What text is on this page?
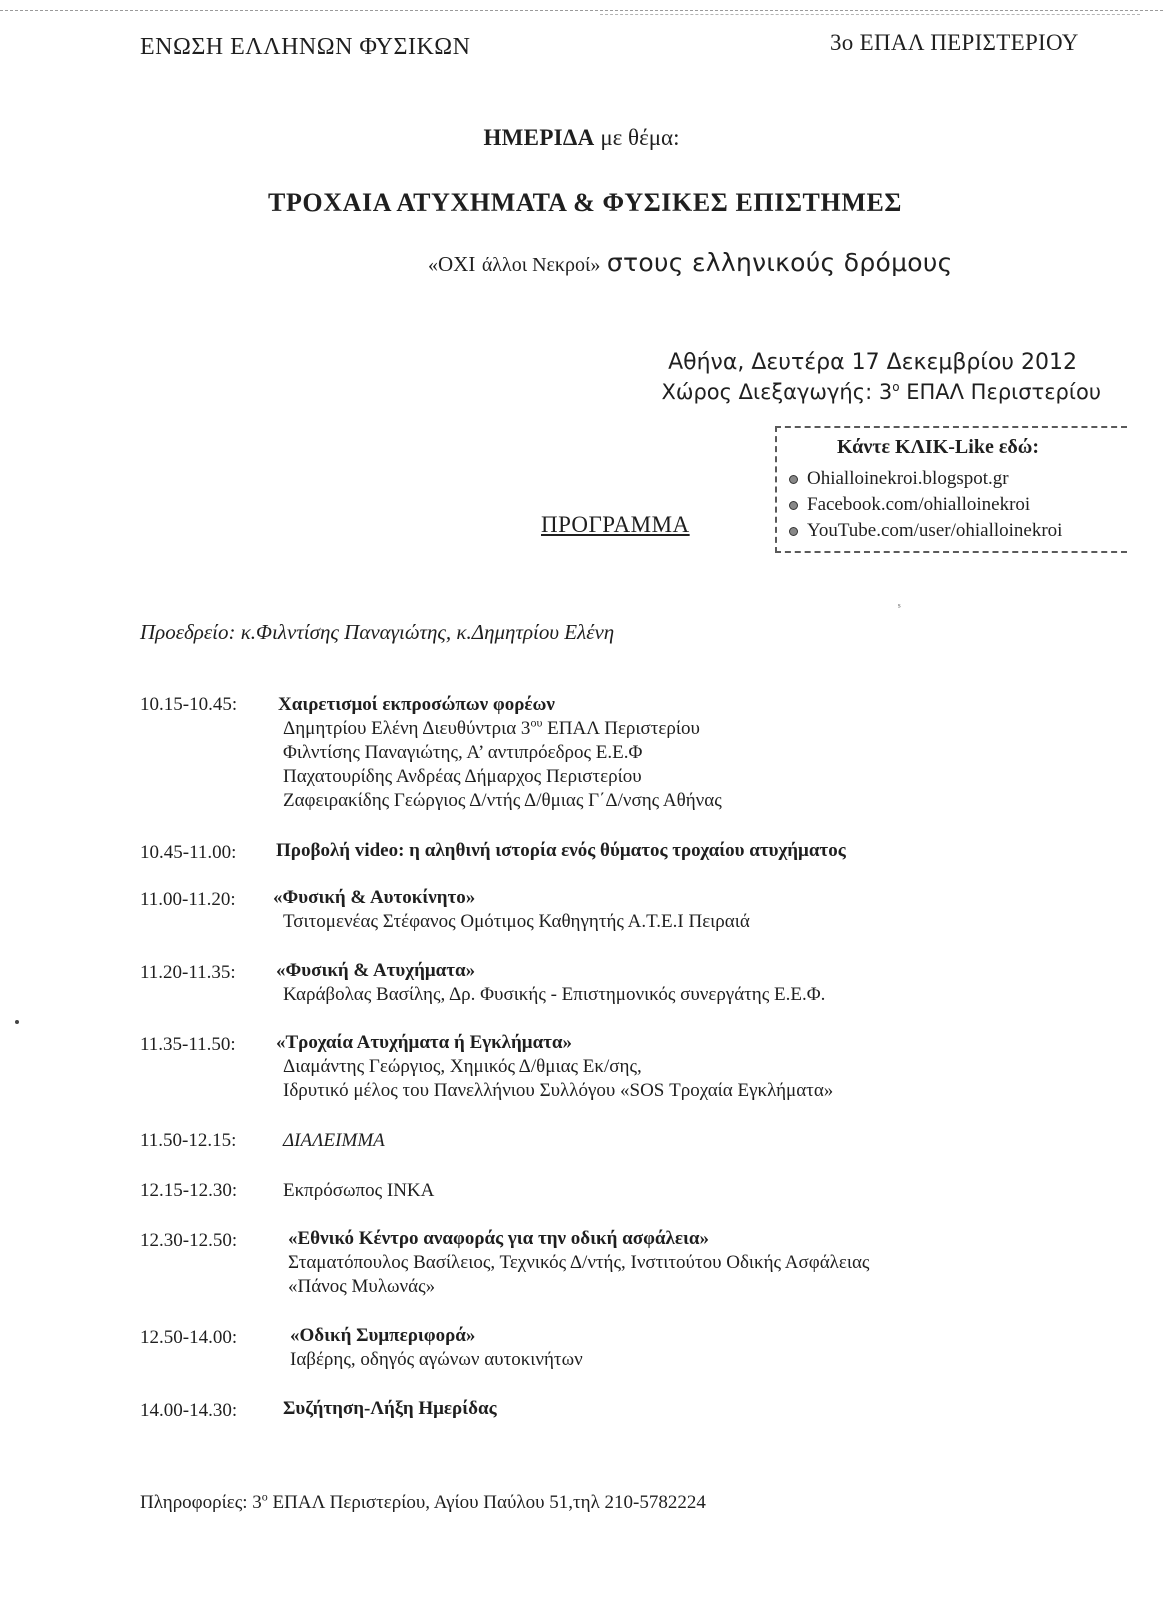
ΕΝΩΣΗ ΕΛΛΗΝΩΝ ΦΥΣΙΚΩΝ	3ο ΕΠΑΛ ΠΕΡΙΣΤΕΡΙΟΥ
ΗΜΕΡΙΔΑ με θέμα:
ΤΡΟΧΑΙΑ ΑΤΥΧΗΜΑΤΑ & ΦΥΣΙΚΕΣ ΕΠΙΣΤΗΜΕΣ
«ΟΧΙ άλλοι Νεκροί» στους ελληνικούς δρόμους
Αθήνα, Δευτέρα 17 Δεκεμβρίου 2012
Χώρος Διεξαγωγής: $3^o$ ΕΠΑΛ Περιστερίου
Κάντε ΚΛΙΚ-Like εδώ:
Ohialloinekroi.blogspot.gr
Facebook.com/ohialloinekroi
YouTube.com/user/ohialloinekroi
ΠΡΟΓΡΑΜΜΑ
ˢ
Προεδρείο: κ.Φιλντίσης Παναγιώτης, κ.Δημητρίου Ελένη
10.15-10.45: Χαιρετισμοί εκπροσώπων φορέων
Δημητρίου Ελένη Διευθύντρια $3^{o\upsilon}$ ΕΠΑΛ Περιστερίου
Φιλντίσης Παναγιώτης, Α’ αντιπρόεδρος Ε.Ε.Φ
Παχατουρίδης Ανδρέας Δήμαρχος Περιστερίου
Ζαφειρακίδης Γεώργιος Δ/ντής Δ/θμιας Γ΄Δ/νσης Αθήνας
10.45-11.00: Προβολή video: η αληθινή ιστορία ενός θύματος τροχαίου ατυχήματος
11.00-11.20: «Φυσική & Αυτοκίνητο»
Τσιτομενέας Στέφανος Ομότιμος Καθηγητής Α.Τ.Ε.Ι Πειραιά
11.20-11.35: «Φυσική & Ατυχήματα»
Καράβολας Βασίλης, Δρ. Φυσικής - Επιστημονικός συνεργάτης Ε.Ε.Φ.
11.35-11.50: «Τροχαία Ατυχήματα ή Εγκλήματα»
Διαμάντης Γεώργιος, Χημικός Δ/θμιας Εκ/σης,
Ιδρυτικό μέλος του Πανελλήνιου Συλλόγου «SOS Τροχαία Εγκλήματα»
11.50-12.15: ΔΙΑΛΕΙΜΜΑ
12.15-12.30: Εκπρόσωπος ΙΝΚΑ
12.30-12.50:	«Εθνικό Κέντρο αναφοράς για την οδική ασφάλεια»
Σταματόπουλος Βασίλειος, Τεχνικός Δ/ντής, Ινστιτούτου Οδικής Ασφάλειας
«Πάνος Μυλωνάς»
12.50-14.00:	«Οδική Συμπεριφορά»
Ιαβέρης, οδηγός αγώνων αυτοκινήτων
14.00-14.30: Συζήτηση-Λήξη Ημερίδας
Πληροφορίες: $3^o$ ΕΠΑΛ Περιστερίου, Αγίου Παύλου 51,τηλ 210-5782224
